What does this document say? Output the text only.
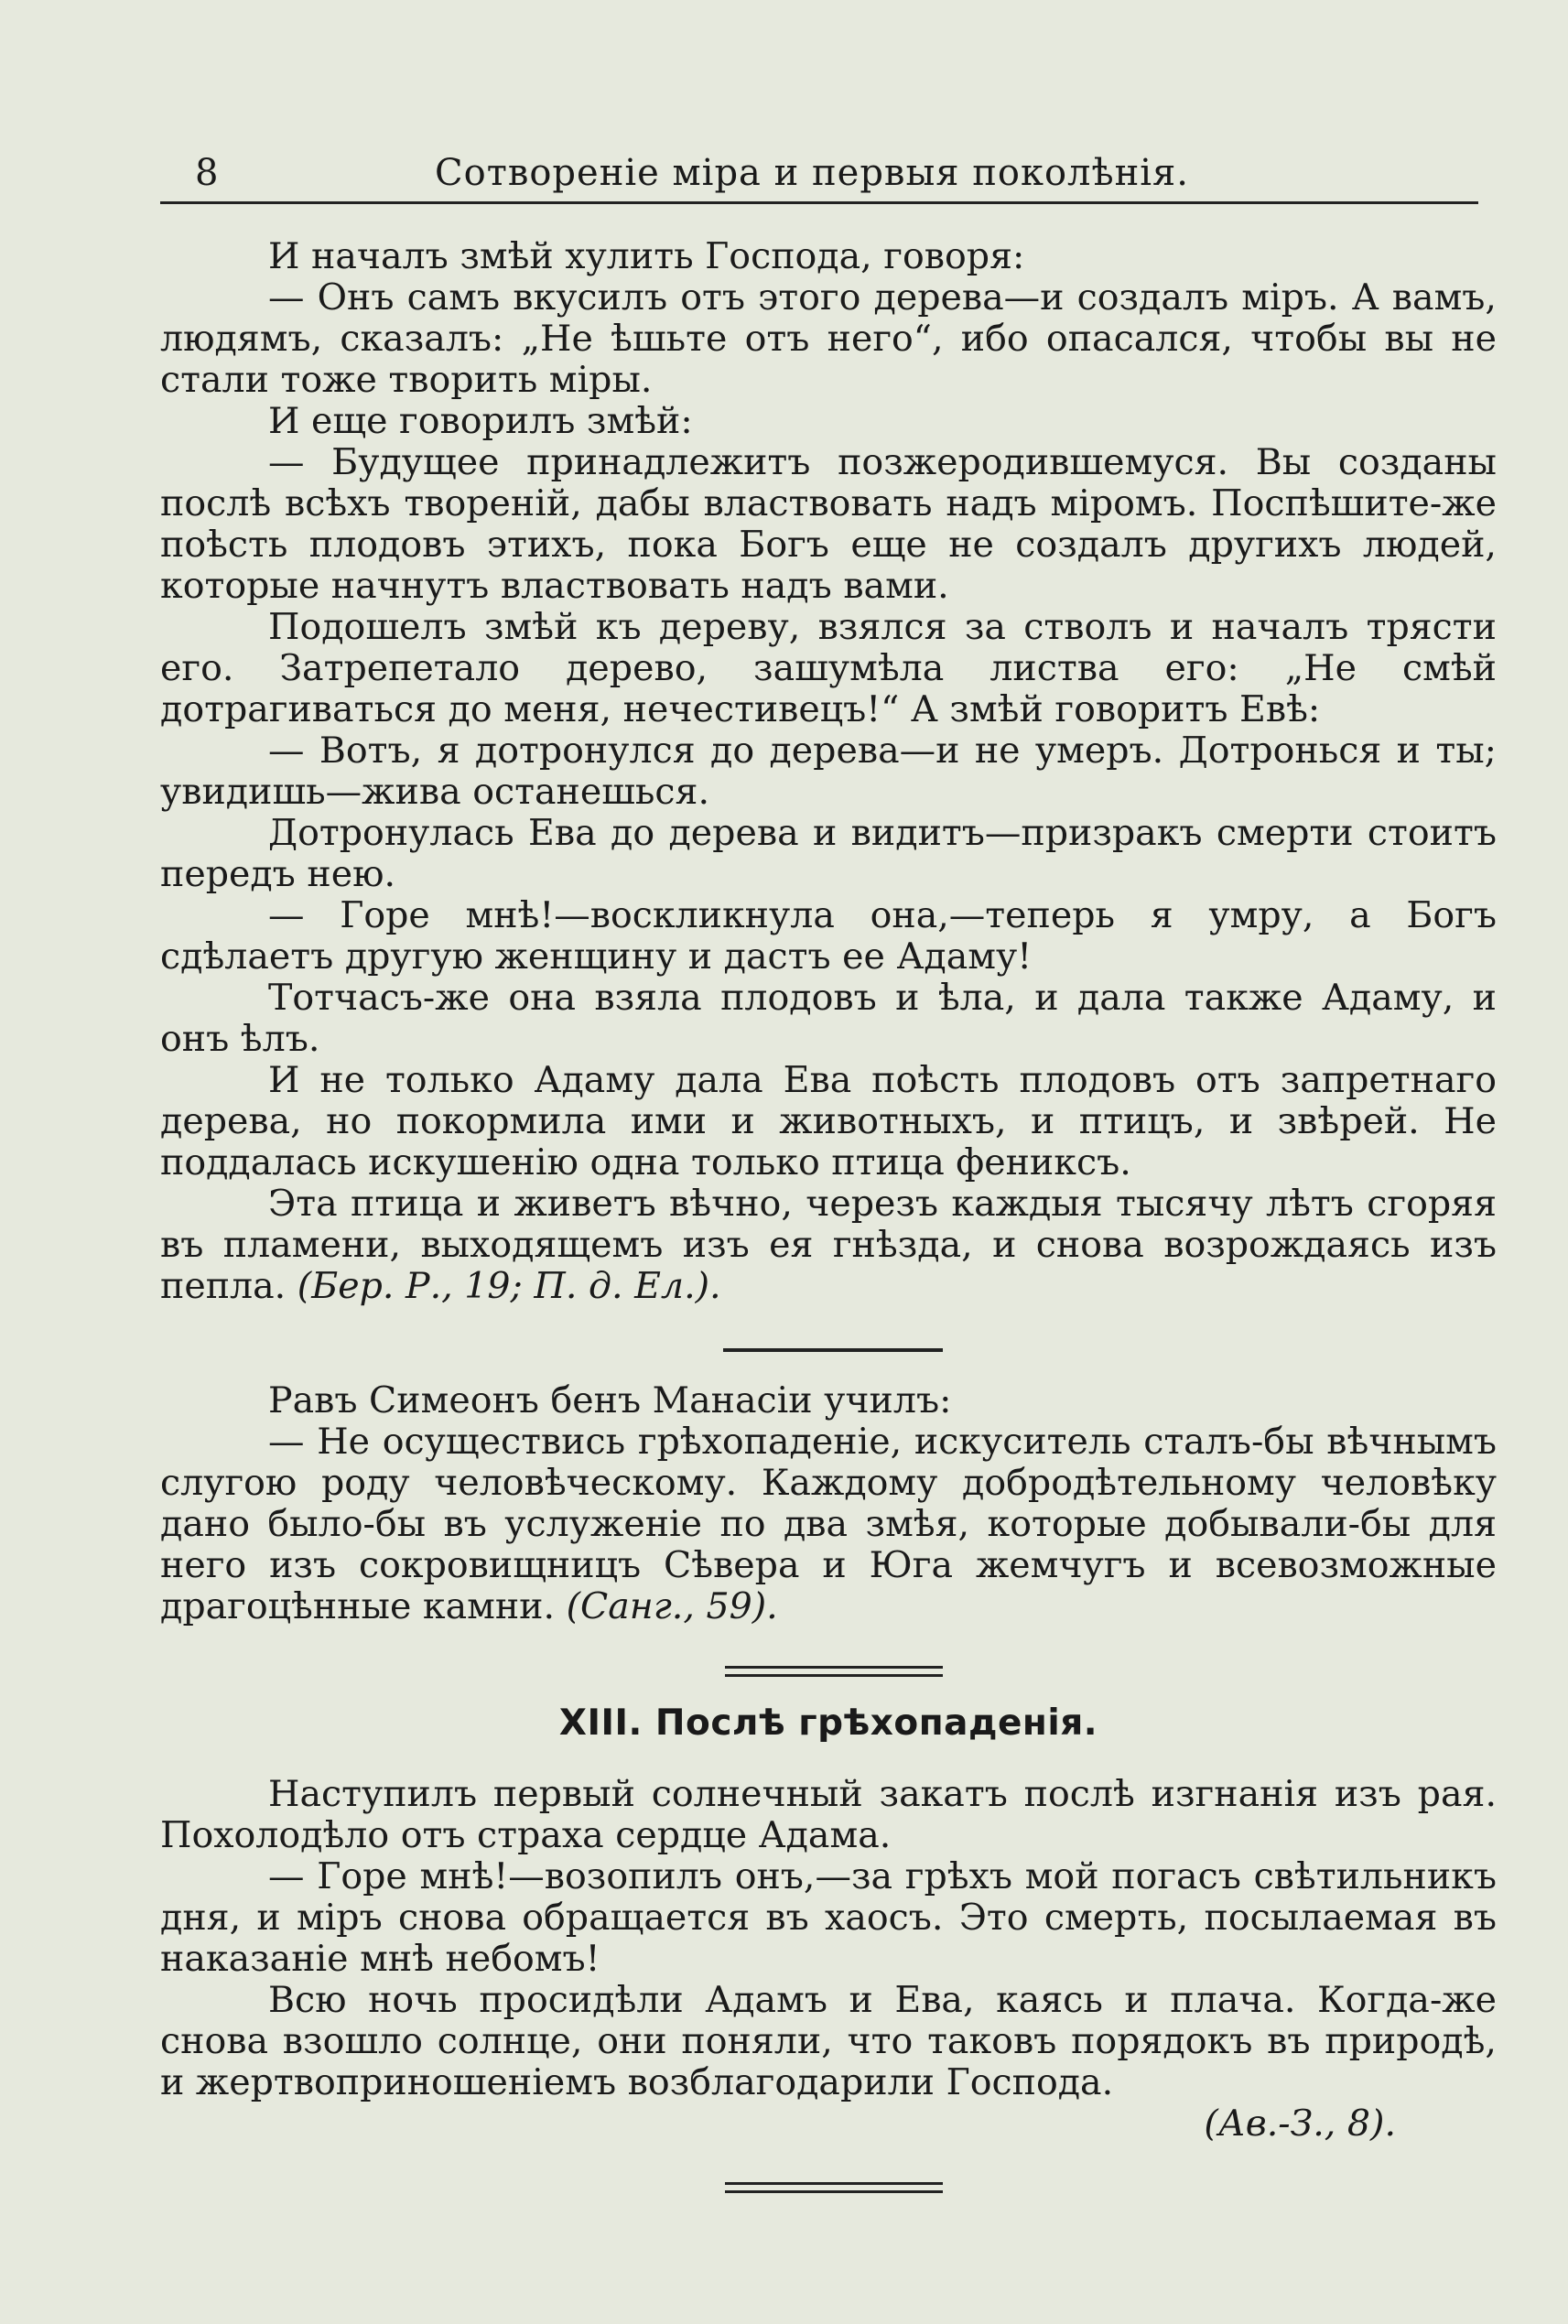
8	Сотворенiе мiра и первыя поколѣнiя.

И началъ змѣй хулить Господа, говоря:

— Онъ самъ вкусилъ отъ этого дерева—и создалъ мiръ. А вамъ, людямъ, сказалъ: „Не ѣшьте отъ него“, ибо опасался, чтобы вы не стали тоже творить мiры.

И еще говорилъ змѣй:

— Будущее принадлежитъ позжеродившемуся. Вы созданы послѣ всѣхъ творенiй, дабы властвовать надъ мiромъ. Поспѣшите-же поѣсть плодовъ этихъ, пока Богъ еще не создалъ другихъ людей, которые начнутъ властвовать надъ вами.

Подошелъ змѣй къ дереву, взялся за стволъ и началъ трясти его. Затрепетало дерево, зашумѣла листва его: „Не смѣй дотрагиваться до меня, нечестивецъ!“ А змѣй говоритъ Евѣ:

— Вотъ, я дотронулся до дерева—и не умеръ. Дотронься и ты; увидишь—жива останешься.

Дотронулась Ева до дерева и видитъ—призракъ смерти стоитъ передъ нею.

— Горе мнѣ!—воскликнула она,—теперь я умру, а Богъ сдѣлаетъ другую женщину и дастъ ее Адаму!

Тотчасъ-же она взяла плодовъ и ѣла, и дала также Адаму, и онъ ѣлъ.

И не только Адаму дала Ева поѣсть плодовъ отъ запретнаго дерева, но покормила ими и животныхъ, и птицъ, и звѣрей. Не поддалась искушенiю одна только птица фениксъ.

Эта птица и живетъ вѣчно, черезъ каждыя тысячу лѣтъ сгоряя въ пламени, выходящемъ изъ ея гнѣзда, и снова возрождаясь изъ пепла. (Бер. Р., 19; П. д. Ел.).

Равъ Симеонъ бенъ Манасiи училъ:

— Не осуществись грѣхопаденiе, искуситель сталъ-бы вѣчнымъ слугою роду человѣческому. Каждому добродѣтельному человѣку дано было-бы въ услуженiе по два змѣя, которые добывали-бы для него изъ сокровищницъ Сѣвера и Юга жемчугъ и всевозможные драгоцѣнные камни. (Санг., 59).

XIII. Послѣ грѣхопаденiя.

Наступилъ первый солнечный закатъ послѣ изгнанiя изъ рая. Похолодѣло отъ страха сердце Адама.

— Горе мнѣ!—возопилъ онъ,—за грѣхъ мой погасъ свѣтильникъ дня, и мiръ снова обращается въ хаосъ. Это смерть, посылаемая въ наказанiе мнѣ небомъ!

Всю ночь просидѣли Адамъ и Ева, каясь и плача. Когда-же снова взошло солнце, они поняли, что таковъ порядокъ въ природѣ, и жертвоприношенiемъ возблагодарили Господа.

(Ав.-З., 8).
